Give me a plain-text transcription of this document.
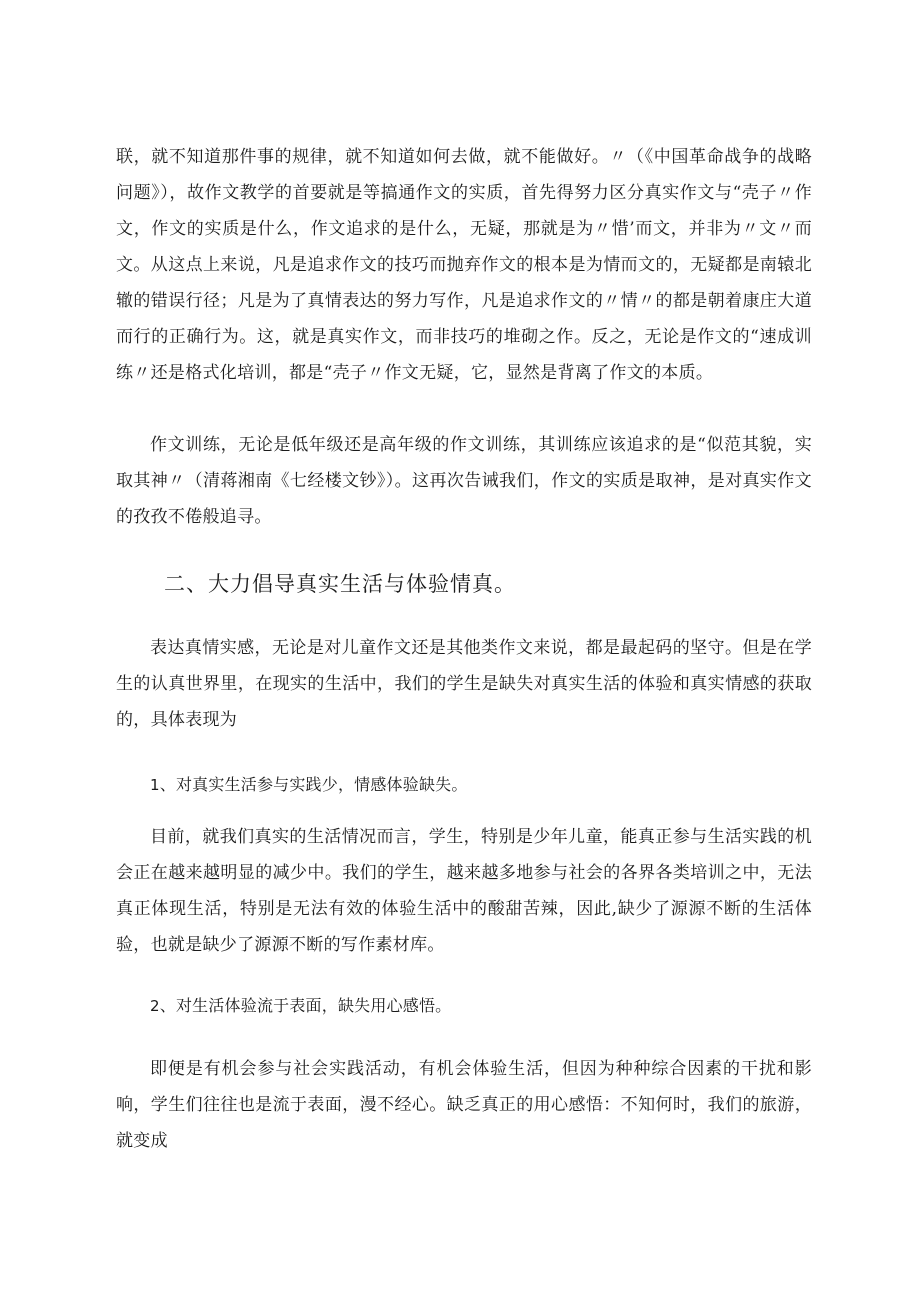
联，就不知道那件事的规律，就不知道如何去做，就不能做好。〃（《中国革命战争的战略问题》），故作文教学的首要就是等搞通作文的实质，首先得努力区分真实作文与“壳子〃作文，作文的实质是什么，作文追求的是什么，无疑，那就是为〃惜’而文，并非为〃文〃而文。从这点上来说，凡是追求作文的技巧而抛弃作文的根本是为情而文的，无疑都是南辕北辙的错误行径；凡是为了真情表达的努力写作，凡是追求作文的〃情〃的都是朝着康庄大道而行的正确行为。这，就是真实作文，而非技巧的堆砌之作。反之，无论是作文的“速成训练〃还是格式化培训，都是“壳子〃作文无疑，它，显然是背离了作文的本质。

作文训练，无论是低年级还是高年级的作文训练，其训练应该追求的是“似范其貌，实取其神〃（清蒋湘南《七经楼文钞》）。这再次告诫我们，作文的实质是取神，是对真实作文的孜孜不倦般追寻。

二、大力倡导真实生活与体验情真。

表达真情实感，无论是对儿童作文还是其他类作文来说，都是最起码的坚守。但是在学生的认真世界里，在现实的生活中，我们的学生是缺失对真实生活的体验和真实情感的获取的，具体表现为

1、对真实生活参与实践少，情感体验缺失。

目前，就我们真实的生活情况而言，学生，特别是少年儿童，能真正参与生活实践的机会正在越来越明显的减少中。我们的学生，越来越多地参与社会的各界各类培训之中，无法真正体现生活，特别是无法有效的体验生活中的酸甜苦辣，因此,缺少了源源不断的生活体验，也就是缺少了源源不断的写作素材库。

2、对生活体验流于表面，缺失用心感悟。

即便是有机会参与社会实践活动，有机会体验生活，但因为种种综合因素的干扰和影响，学生们往往也是流于表面，漫不经心。缺乏真正的用心感悟：不知何时，我们的旅游，就变成
